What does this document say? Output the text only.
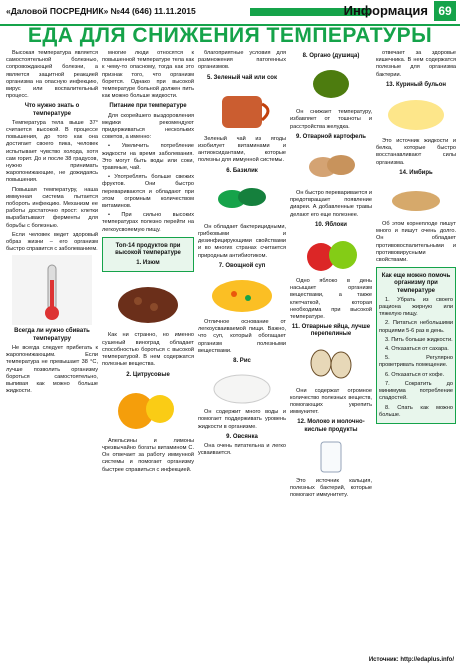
«Даловой ПОСРЕДНИК» №44 (646) 11.11.2015	Информация 69
ЕДА ДЛЯ СНИЖЕНИЯ ТЕМПЕРАТУРЫ

Высокая температура является самостоятельной болезнью, сопровождающей болезни, а является защитной реакцией организма на опасную инфекцию, вирус или воспалительный процесс.

Что нужно знать о температуре

Температура тела выше 37° считается высокой. В процессе повышения, до того как она достигает своего пика, человек испытывает чувство холода, хотя сам горит. До и после 38 градусов, нужно принимать жаропонижающие, не дожидаясь повышения.

Повышая температуру, наша иммунная система пытается побороть инфекцию. Механизм ее работы достаточно прост: клетки вырабатывают ферменты для борьбы с болезнью.

Если человек ведет здоровый образ жизни – его организм быстро справится с заболеванием.

Всегда ли нужно сбивать температуру

Не всегда следует прибегать к жаропонижающим. Если температура не превышает 38 °С, лучше позволить организму бороться самостоятельно, выпивая как можно больше жидкости.

многие люди относятся к повышенной температуре тела как к чему-то опасному, тогда как это признак того, что организм борется. Однако при высокой температуре больной должен пить как можно больше жидкости.

Питание при температуре

Для скорейшего выздоровления медики рекомендуют придерживаться нескольких советов, а именно:

• Увеличить потребление жидкости на время заболевания. Это могут быть воды или соки, травяные, чай.

• Употреблять больше свежих фруктов. Они быстро перевариваются и обладают при этом огромным количеством витаминов.

• При сильно высоких температурах полезно перейти на легкоусвояемую пищу.

Топ-14 продуктов при высокой температуре
1. Изюм

Как ни странно, но именно сушеный виноград обладает способностью бороться с высокой температурой. В нем содержатся полезные вещества.

2. Цитрусовые

Апельсины и лимоны чрезвычайно богаты витамином С. Он отвечает за работу иммунной системы и помогает организму быстрее справиться с инфекцией.

благоприятные условия для размножения патогенных организмов.

5. Зеленый чай или сок

Зеленый чай из ягоды изобилует витаминами и антиоксидантами, которые полезны для иммунной системы.

6. Базилик

Он обладает бактерицидными, грибковыми и дезинфицирующими свойствами и во многих странах считается природным антибиотиком.

7. Овощной суп

Отличное основание от легкоусваиваемой пищи. Важно, что суп, который обогащает организм полезными веществами.

8. Рис

Он содержит много воды и помогает поддерживать уровень жидкости в организме.

9. Овсянка

Она очень питательна и легко усваивается.

8. Органо (душица)

Он снижает температуру, избавляет от тошноты и расстройства желудка.

9. Отварной картофель

Он быстро переваривается и предотвращает появление диареи. А добавленные травы делают его еще полезнее.

10. Яблоки

Одно яблоко в день насыщает организм веществами, а также клетчаткой, которая необходима при высокой температуре.

11. Отварные яйца, лучше перепелиные

Они содержат огромное количество полезных веществ, помогающих укрепить иммунитет.

12. Молоко и молочно-кислые продукты

Это источник кальция, полезных бактерий, которые помогают иммунитету.

отвечает за здоровье кишечника. В нем содержатся полезные для организма бактерии.

13. Куриный бульон

Это источник жидкости и белка, которые быстро восстанавливают силы организма.

14. Имбирь

Об этом корнеплоде пишут много и пишут очень долго. Он обладает противовоспалительными и противовирусными свойствами.

Как еще можно помочь организму при температуре

1. Убрать из своего рациона жирную или тяжелую пищу.

2. Питаться небольшими порциями 5-6 раз в день.

3. Пить больше жидкости.

4. Отказаться от сахара.

5. Регулярно проветривать помещение.

6. Отказаться от кофе.

7. Сократить до минимума потребление сладостей.

8. Спать как можно больше.

Источник: http://edaplus.info/
